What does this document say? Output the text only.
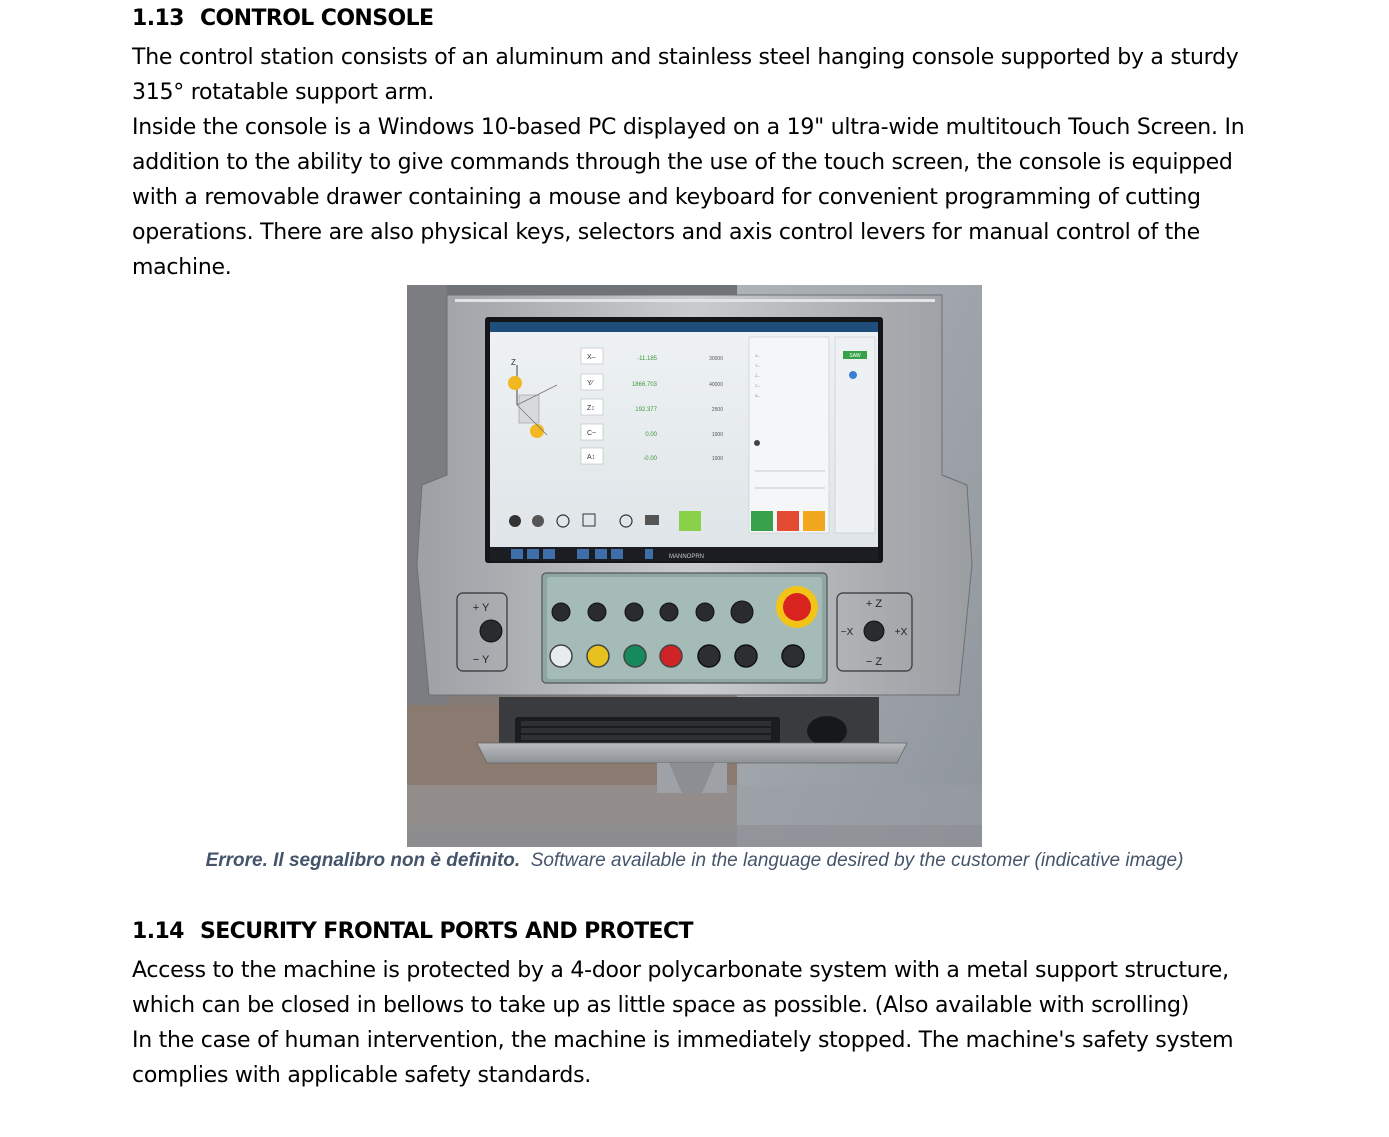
1.13 CONTROL CONSOLE

The control station consists of an aluminum and stainless steel hanging console supported by a sturdy 315° rotatable support arm.

Inside the console is a Windows 10-based PC displayed on a 19" ultra-wide multitouch Touch Screen. In addition to the ability to give commands through the use of the touch screen, the console is equipped with a removable drawer containing a mouse and keyboard for convenient programming of cutting operations. There are also physical keys, selectors and axis control levers for manual control of the machine.

Z
X–	-11.185	30000
Y⁄	1866.703	40000
Z↕	192.377	2500
C~	0.00	1000
A↕	-0.00	1000
X–
Y–
Z–
C–
A–
SAW
MANNOPRN
+ Y
− Y
+ Z
− Z
−X	+X
Errore. Il segnalibro non è definito. Software available in the language desired by the customer (indicative image)
1.14 SECURITY FRONTAL PORTS AND PROTECT

Access to the machine is protected by a 4-door polycarbonate system with a metal support structure, which can be closed in bellows to take up as little space as possible. (Also available with scrolling)

In the case of human intervention, the machine is immediately stopped. The machine's safety system complies with applicable safety standards.
